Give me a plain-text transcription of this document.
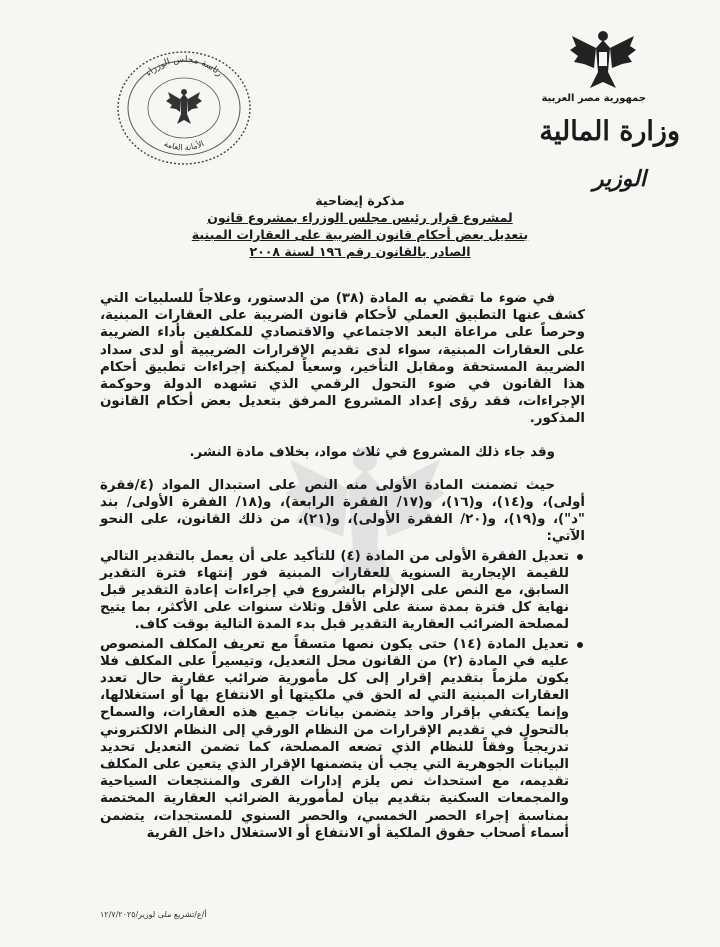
جمهورية مصر العربية
وزارة المالية
الوزير
رئاسة مجلس الوزراء
الأمانة العامة
مذكرة إيضاحية
لمشروع قرار رئيس مجلس الوزراء بمشروع قانون
بتعديل بعض أحكام قانون الضريبة على العقارات المبنية
الصادر بالقانون رقم ١٩٦ لسنة ٢٠٠٨

في ضوء ما تقضي به المادة (٣٨) من الدستور، وعلاجاً للسلبيات التي كشف عنها التطبيق العملي لأحكام قانون الضريبة على العقارات المبنية، وحرصاً على مراعاة البعد الاجتماعي والاقتصادي للمكلفين بأداء الضريبة على العقارات المبنية، سواء لدى تقديم الإقرارات الضريبية أو لدى سداد الضريبة المستحقة ومقابل التأخير، وسعياً لميكنة إجراءات تطبيق أحكام هذا القانون في ضوء التحول الرقمي الذي تشهده الدولة وحوكمة الإجراءات، فقد رؤى إعداد المشروع المرفق بتعديل بعض أحكام القانون المذكور.

وقد جاء ذلك المشروع في ثلاث مواد، بخلاف مادة النشر.

حيث تضمنت المادة الأولى منه النص على استبدال المواد (٤/فقرة أولى)، و(١٤)، و(١٦)، و(١٧/ الفقرة الرابعة)، و(١٨/ الفقرة الأولى/ بند "د")، و(١٩)، و(٢٠/ الفقرة الأولى)، و(٢١)، من ذلك القانون، على النحو الآتي:

تعديل الفقرة الأولى من المادة (٤) للتأكيد على أن يعمل بالتقدير التالي للقيمة الإيجارية السنوية للعقارات المبنية فور إنتهاء فترة التقدير السابق، مع النص على الإلزام بالشروع في إجراءات إعادة التقدير قبل نهاية كل فترة بمدة سنة على الأقل وثلاث سنوات على الأكثر، بما يتيح لمصلحة الضرائب العقارية التقدير قبل بدء المدة التالية بوقت كاف.
تعديل المادة (١٤) حتى يكون نصها متسقاً مع تعريف المكلف المنصوص عليه في المادة (٢) من القانون محل التعديل، وتيسيراً على المكلف فلا يكون ملزماً بتقديم إقرار إلى كل مأمورية ضرائب عقارية حال تعدد العقارات المبنية التي له الحق في ملكيتها أو الانتفاع بها أو استغلالها، وإنما يكتفي بإقرار واحد يتضمن بيانات جميع هذه العقارات، والسماح بالتحول في تقديم الإقرارات من النظام الورقي إلى النظام الالكتروني تدريجياً وفقاً للنظام الذي تضعه المصلحة، كما تضمن التعديل تحديد البيانات الجوهرية التي يجب أن يتضمنها الإقرار الذي يتعين على المكلف تقديمه، مع استحداث نص يلزم إدارات القرى والمنتجعات السياحية والمجمعات السكنية بتقديم بيان لمأمورية الضرائب العقارية المختصة بمناسبة إجراء الحصر الخمسي، والحصر السنوي للمستجدات، يتضمن أسماء أصحاب حقوق الملكية أو الانتفاع أو الاستغلال داخل القرية
أ/ع/تشريع ملى لوزير/١٢/٧/٢٠٢٥
